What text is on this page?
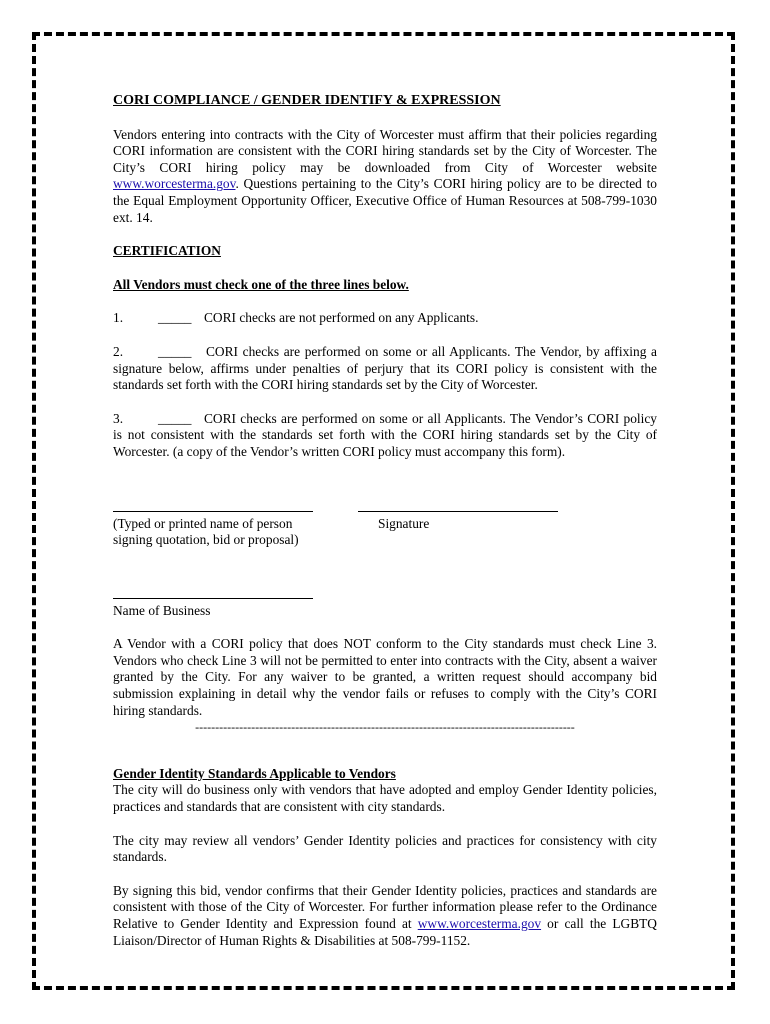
CORI COMPLIANCE / GENDER IDENTIFY & EXPRESSION

Vendors entering into contracts with the City of Worcester must affirm that their policies regarding CORI information are consistent with the CORI hiring standards set by the City of Worcester. The City’s CORI hiring policy may be downloaded from City of Worcester website www.worcesterma.gov. Questions pertaining to the City’s CORI hiring policy are to be directed to the Equal Employment Opportunity Officer, Executive Office of Human Resources at 508-799-1030 ext. 14.

CERTIFICATION

All Vendors must check one of the three lines below.

1.	_____ CORI checks are not performed on any Applicants.

2.	_____ CORI checks are performed on some or all Applicants. The Vendor, by affixing a signature below, affirms under penalties of perjury that its CORI policy is consistent with the standards set forth with the CORI hiring standards set by the City of Worcester.

3.	_____ CORI checks are performed on some or all Applicants. The Vendor’s CORI policy is not consistent with the standards set forth with the CORI hiring standards set by the City of Worcester. (a copy of the Vendor’s written CORI policy must accompany this form).

(Typed or printed name of person signing quotation, bid or proposal)
Signature
Name of Business

A Vendor with a CORI policy that does NOT conform to the City standards must check Line 3. Vendors who check Line 3 will not be permitted to enter into contracts with the City, absent a waiver granted by the City. For any waiver to be granted, a written request should accompany bid submission explaining in detail why the vendor fails or refuses to comply with the City’s CORI hiring standards.

-----------------------------------------------------------------------------------------------

Gender Identity Standards Applicable to Vendors

The city will do business only with vendors that have adopted and employ Gender Identity policies, practices and standards that are consistent with city standards.

The city may review all vendors’ Gender Identity policies and practices for consistency with city standards.

By signing this bid, vendor confirms that their Gender Identity policies, practices and standards are consistent with those of the City of Worcester. For further information please refer to the Ordinance Relative to Gender Identity and Expression found at www.worcesterma.gov or call the LGBTQ Liaison/Director of Human Rights & Disabilities at 508-799-1152.
